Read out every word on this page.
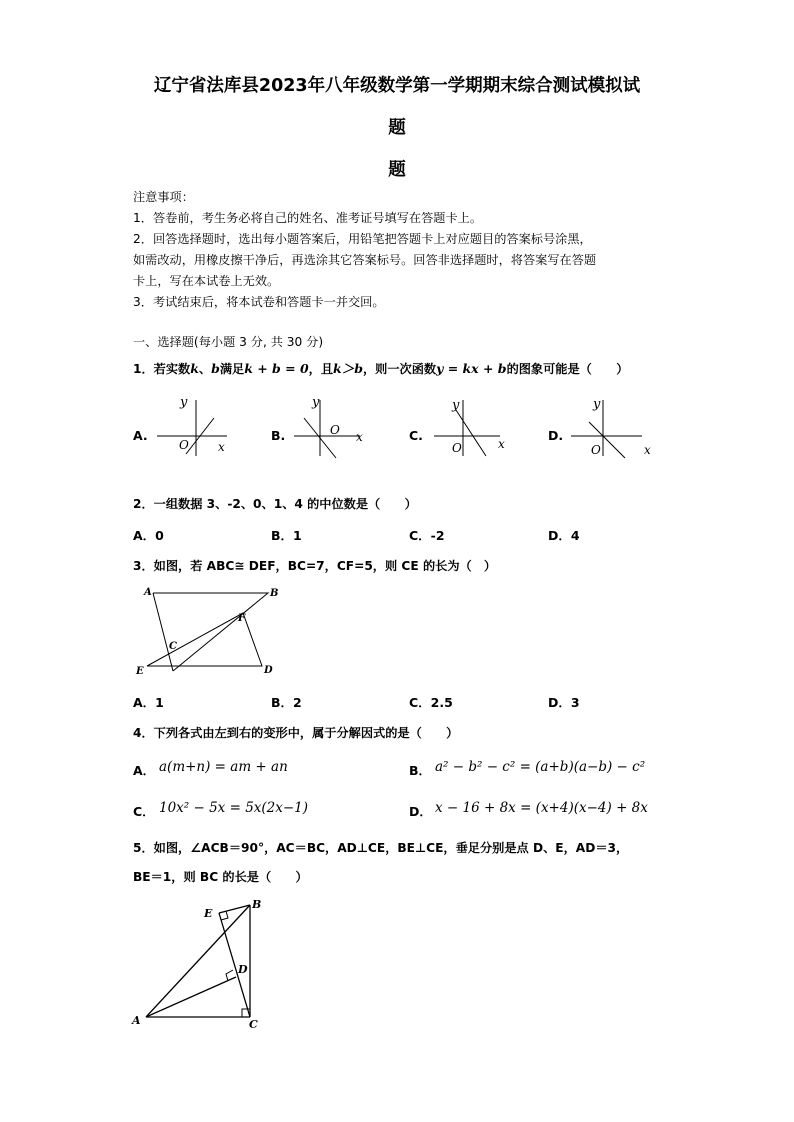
辽宁省法库县2023年八年级数学第一学期期末综合测试模拟试
题
题
注意事项：
1．答卷前，考生务必将自己的姓名、准考证号填写在答题卡上。
2．回答选择题时，选出每小题答案后，用铅笔把答题卡上对应题目的答案标号涂黑，
如需改动，用橡皮擦干净后，再选涂其它答案标号。回答非选择题时，将答案写在答题
卡上，写在本试卷上无效。
3．考试结束后，将本试卷和答题卡一并交回。
一、选择题(每小题 3 分, 共 30 分)
1．若实数k、b满足k + b = 0，且k＞b，则一次函数y = kx + b的图象可能是（　　）
A.
y
O x
B.
y
O x	C.
y
O	x
D.
y
O	x
2．一组数据 3、-2、0、1、4 的中位数是（　　）
A．0	B．1	C．-2	D．4
3．如图，若 ABC≅ DEF，BC=7，CF=5，则 CE 的长为（　）
A	B
C
D
E
F
A．1	B．2	C．2.5	D．3
4．下列各式由左到右的变形中，属于分解因式的是（　　）
A． a(m+n) = am + an	B． a² − b² − c² = (a+b)(a−b) − c²
C． 10x² − 5x = 5x(2x−1)	D． x − 16 + 8x = (x+4)(x−4) + 8x
5．如图，∠ACB＝90°，AC＝BC，AD⊥CE，BE⊥CE，垂足分别是点 D、E，AD＝3，
BE＝1，则 BC 的长是（　　）
E
B
D
A	C
